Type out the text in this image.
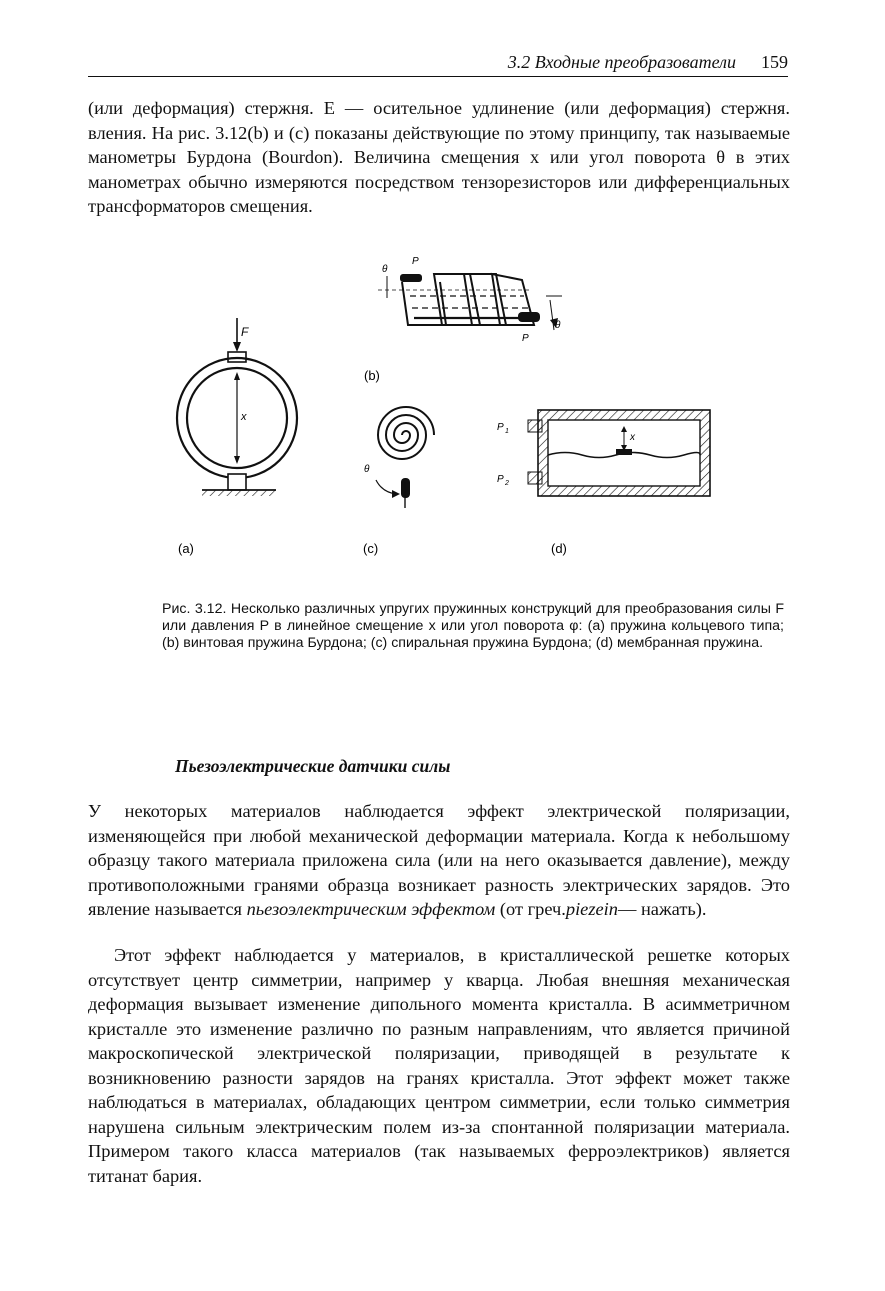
3.2 Входные преобразователи 159

(или деформация) стержня. E — осительное удлинение (или деформация) стержня. вления. На рис. 3.12(b) и (с) показаны действующие по этому принципу, так называемые манометры Бурдона (Bourdon). Величина смещения x или угол поворота θ в этих манометрах обычно измеряются посредством тензорезисторов или дифференциальных трансформаторов смещения.

F
x
(a)
θ
P
θ
P
(b)
θ
(c)
x
P 1
P 2
(d)

Рис. 3.12. Несколько различных упругих пружинных конструкций для преобразования силы F или давления P в линейное смещение x или угол поворота φ: (а) пружина кольцевого типа; (b) винтовая пружина Бурдона; (с) спиральная пружина Бурдона; (d) мембранная пружина.

Пьезоэлектрические датчики силы

У некоторых материалов наблюдается эффект электрической поляризации, изменяющейся при любой механической деформации материала. Когда к небольшому образцу такого материала приложена сила (или на него оказывается давление), между противоположными гранями образца возникает разность электрических зарядов. Это явление называется пьезоэлектрическим эффектом (от греч.piezein— нажать).

Этот эффект наблюдается у материалов, в кристаллической решетке которых отсутствует центр симметрии, например у кварца. Любая внешняя механическая деформация вызывает изменение дипольного момента кристалла. В асимметричном кристалле это изменение различно по разным направлениям, что является причиной макроскопической электрической поляризации, приводящей в результате к возникновению разности зарядов на гранях кристалла. Этот эффект может также наблюдаться в материалах, обладающих центром симметрии, если только симметрия нарушена сильным электрическим полем из-за спонтанной поляризации материала. Примером такого класса материалов (так называемых ферроэлектриков) является титанат бария.
